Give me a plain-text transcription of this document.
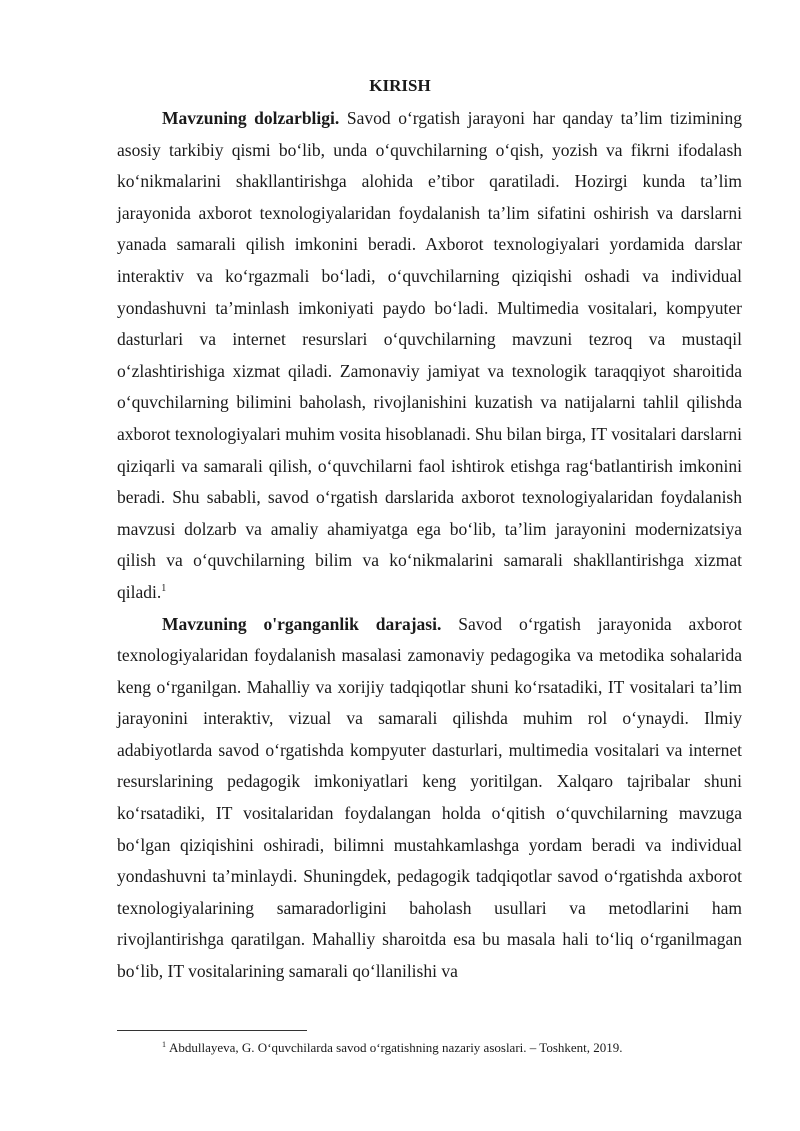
KIRISH

Mavzuning dolzarbligi. Savod o‘rgatish jarayoni har qanday ta’lim tizimining asosiy tarkibiy qismi bo‘lib, unda o‘quvchilarning o‘qish, yozish va fikrni ifodalash ko‘nikmalarini shakllantirishga alohida e’tibor qaratiladi. Hozirgi kunda ta’lim jarayonida axborot texnologiyalaridan foydalanish ta’lim sifatini oshirish va darslarni yanada samarali qilish imkonini beradi. Axborot texnologiyalari yordamida darslar interaktiv va ko‘rgazmali bo‘ladi, o‘quvchilarning qiziqishi oshadi va individual yondashuvni ta’minlash imkoniyati paydo bo‘ladi. Multimedia vositalari, kompyuter dasturlari va internet resurslari o‘quvchilarning mavzuni tezroq va mustaqil o‘zlashtirishiga xizmat qiladi. Zamonaviy jamiyat va texnologik taraqqiyot sharoitida o‘quvchilarning bilimini baholash, rivojlanishini kuzatish va natijalarni tahlil qilishda axborot texnologiyalari muhim vosita hisoblanadi. Shu bilan birga, IT vositalari darslarni qiziqarli va samarali qilish, o‘quvchilarni faol ishtirok etishga rag‘batlantirish imkonini beradi. Shu sababli, savod o‘rgatish darslarida axborot texnologiyalaridan foydalanish mavzusi dolzarb va amaliy ahamiyatga ega bo‘lib, ta’lim jarayonini modernizatsiya qilish va o‘quvchilarning bilim va ko‘nikmalarini samarali shakllantirishga xizmat qiladi.$^1$

Mavzuning o'rganganlik darajasi. Savod o‘rgatish jarayonida axborot texnologiyalaridan foydalanish masalasi zamonaviy pedagogika va metodika sohalarida keng o‘rganilgan. Mahalliy va xorijiy tadqiqotlar shuni ko‘rsatadiki, IT vositalari ta’lim jarayonini interaktiv, vizual va samarali qilishda muhim rol o‘ynaydi. Ilmiy adabiyotlarda savod o‘rgatishda kompyuter dasturlari, multimedia vositalari va internet resurslarining pedagogik imkoniyatlari keng yoritilgan. Xalqaro tajribalar shuni ko‘rsatadiki, IT vositalaridan foydalangan holda o‘qitish o‘quvchilarning mavzuga bo‘lgan qiziqishini oshiradi, bilimni mustahkamlashga yordam beradi va individual yondashuvni ta’minlaydi. Shuningdek, pedagogik tadqiqotlar savod o‘rgatishda axborot texnologiyalarining samaradorligini baholash usullari va metodlarini ham rivojlantirishga qaratilgan. Mahalliy sharoitda esa bu masala hali to‘liq o‘rganilmagan bo‘lib, IT vositalarining samarali qo‘llanilishi va

$^1$ Abdullayeva, G. O‘quvchilarda savod o‘rgatishning nazariy asoslari. – Toshkent, 2019.
